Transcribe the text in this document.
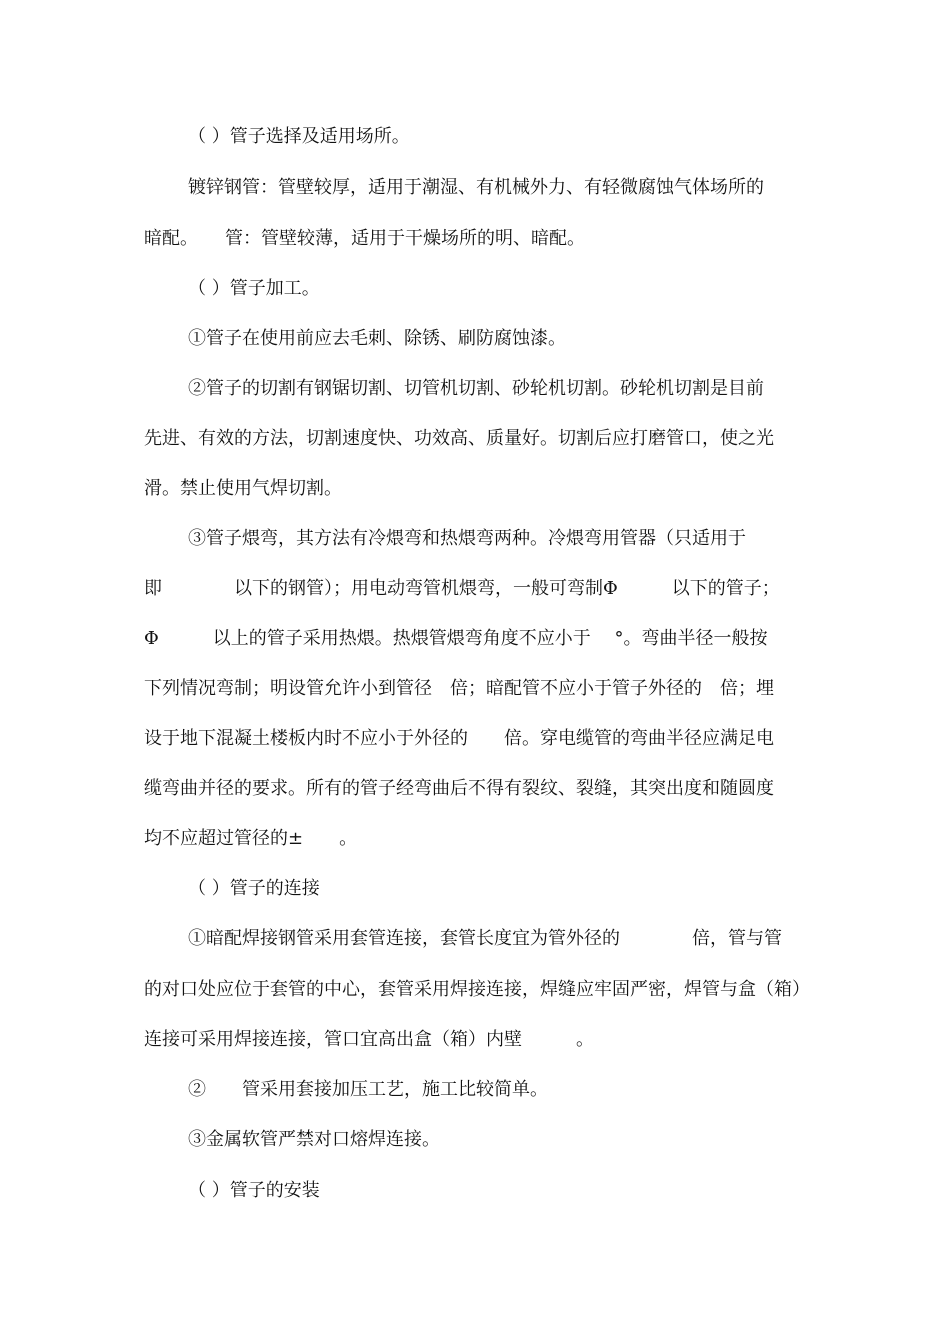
（ ）管子选择及适用场所。

镀锌钢管：管壁较厚，适用于潮湿、有机械外力、有轻微腐蚀气体场所的

暗配。　　管：管壁较薄，适用于干燥场所的明、暗配。

（ ）管子加工。

①管子在使用前应去毛刺、除锈、刷防腐蚀漆。

②管子的切割有钢锯切割、切管机切割、砂轮机切割。砂轮机切割是目前

先进、有效的方法，切割速度快、功效高、质量好。切割后应打磨管口，使之光

滑。禁止使用气焊切割。

③管子煨弯，其方法有冷煨弯和热煨弯两种。冷煨弯用管器（只适用于

即　　　　以下的钢管）；用电动弯管机煨弯，一般可弯制Φ　　　以下的管子；

Φ　　　以上的管子采用热煨。热煨管煨弯角度不应小于　 °。弯曲半径一般按

下列情况弯制；明设管允许小到管径　倍；暗配管不应小于管子外径的　倍；埋

设于地下混凝土楼板内时不应小于外径的　　倍。穿电缆管的弯曲半径应满足电

缆弯曲并径的要求。所有的管子经弯曲后不得有裂纹、裂缝，其突出度和随圆度

均不应超过管径的±　　。

（ ）管子的连接

①暗配焊接钢管采用套管连接，套管长度宜为管外径的　　　　倍，管与管

的对口处应位于套管的中心，套管采用焊接连接，焊缝应牢固严密，焊管与盒（箱）

连接可采用焊接连接，管口宜高出盒（箱）内壁　　　。

②　　管采用套接加压工艺，施工比较简单。

③金属软管严禁对口熔焊连接。

（ ）管子的安装
